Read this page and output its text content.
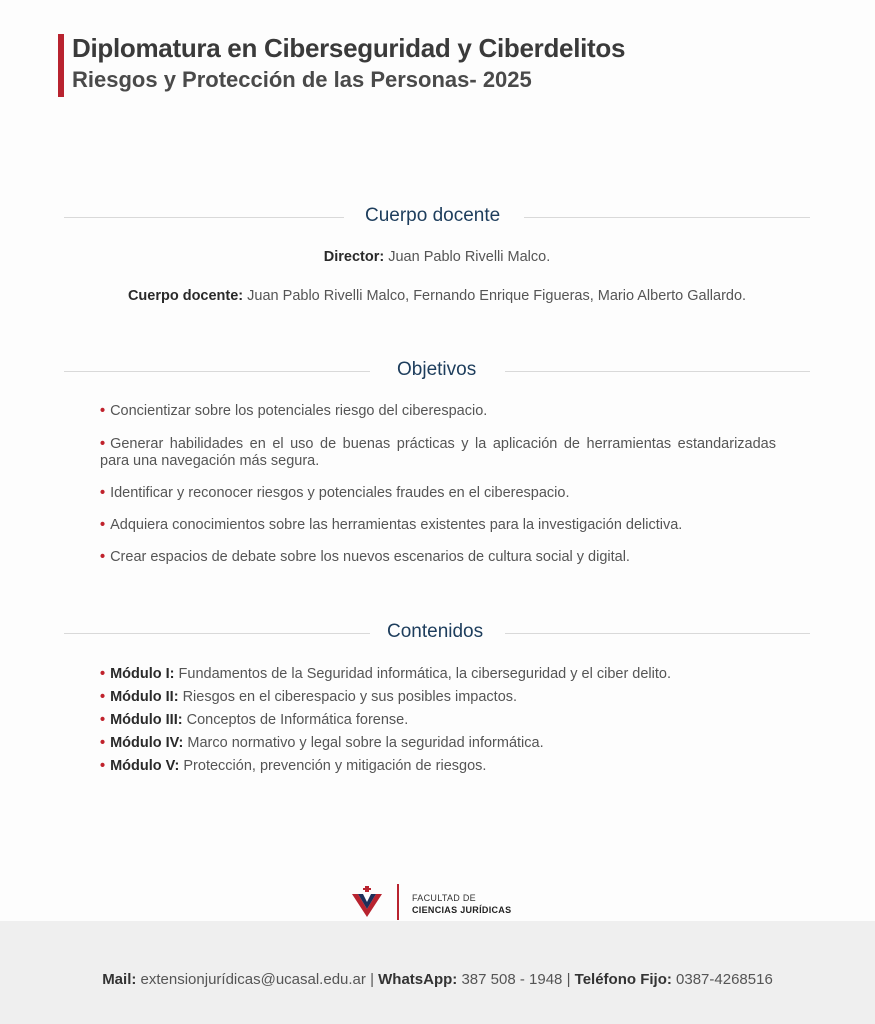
Diplomatura en Ciberseguridad y Ciberdelitos
Riesgos y Protección de las Personas- 2025
Cuerpo docente
Director: Juan Pablo Rivelli Malco.
Cuerpo docente: Juan Pablo Rivelli Malco, Fernando Enrique Figueras, Mario Alberto Gallardo.
Objetivos
• Concientizar sobre los potenciales riesgo del ciberespacio.
• Generar habilidades en el uso de buenas prácticas y la aplicación de herramientas estandarizadas para una navegación más segura.
• Identificar y reconocer riesgos y potenciales fraudes en el ciberespacio.
• Adquiera conocimientos sobre las herramientas existentes para la investigación delictiva.
• Crear espacios de debate sobre los nuevos escenarios de cultura social y digital.
Contenidos
• Módulo I: Fundamentos de la Seguridad informática, la ciberseguridad y el ciber delito.
• Módulo II: Riesgos en el ciberespacio y sus posibles impactos.
• Módulo III: Conceptos de Informática forense.
• Módulo IV: Marco normativo y legal sobre la seguridad informática.
• Módulo V: Protección, prevención y mitigación de riesgos.
FACULTAD DE
CIENCIAS JURÍDICAS
Mail: extensionjurídicas@ucasal.edu.ar | WhatsApp: 387 508 - 1948 | Teléfono Fijo: 0387-4268516
